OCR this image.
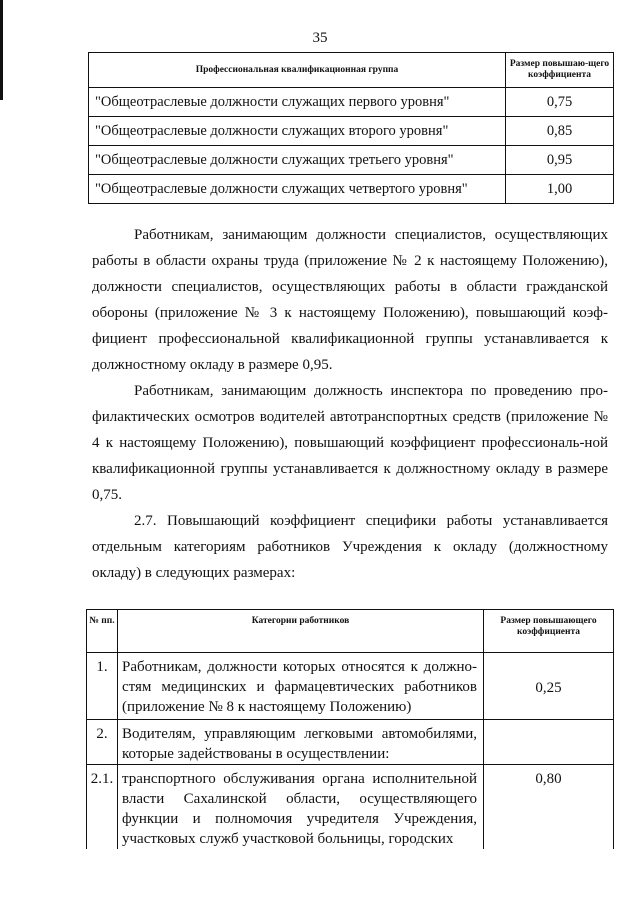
35
Профессиональная квалификационная группа	Размер повышаю-щего коэффициента
"Общеотраслевые должности служащих первого уровня"	0,75
"Общеотраслевые должности служащих второго уровня"	0,85
"Общеотраслевые должности служащих третьего уровня"	0,95
"Общеотраслевые должности служащих четвертого уровня"	1,00

Работникам, занимающим должности специалистов, осуществляющих работы в области охраны труда (приложение № 2 к настоящему Положению), должности специалистов, осуществляющих работы в области гражданской обороны (приложение № 3 к настоящему Положению), повышающий коэф-фициент профессиональной квалификационной группы устанавливается к должностному окладу в размере 0,95.

Работникам, занимающим должность инспектора по проведению про-филактических осмотров водителей автотранспортных средств (приложение № 4 к настоящему Положению), повышающий коэффициент профессиональ-ной квалификационной группы устанавливается к должностному окладу в размере 0,75.

2.7. Повышающий коэффициент специфики работы устанавливается отдельным категориям работников Учреждения к окладу (должностному окладу) в следующих размерах:

№ пп.	Категории работников	Размер повышающего коэффициента
1.	Работникам, должности которых относятся к должно-стям медицинских и фармацевтических работников (приложение № 8 к настоящему Положению)	0,25
2.	Водителям, управляющим легковыми автомобилями, которые задействованы в осуществлении:	
2.1.	транспортного обслуживания органа исполнительной власти Сахалинской области, осуществляющего функции и полномочия учредителя Учреждения, участковых служб участковой больницы, городских	0,80
